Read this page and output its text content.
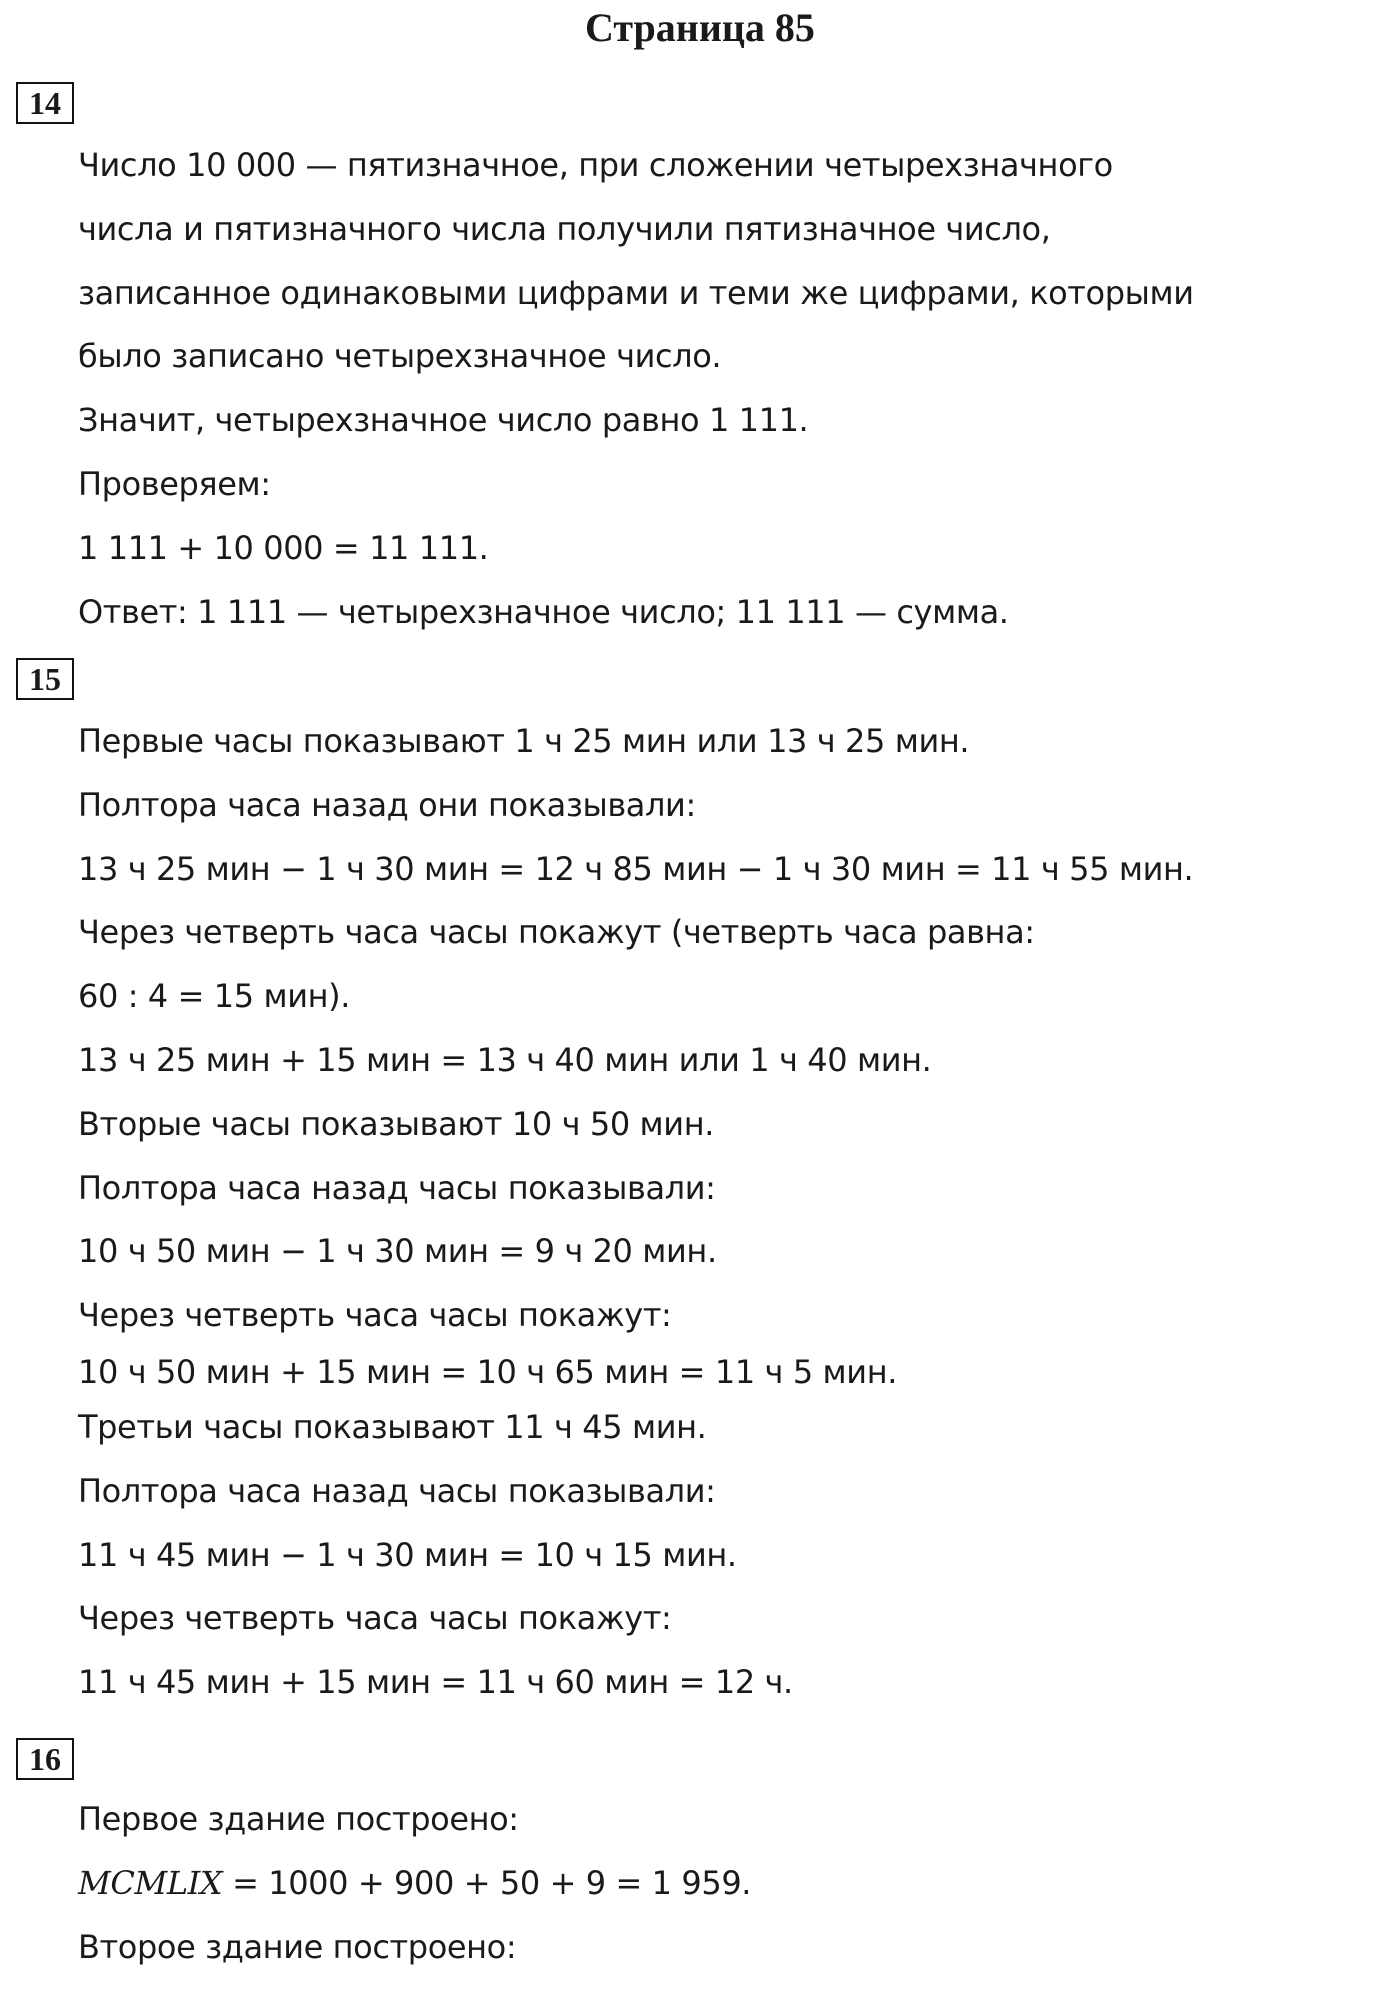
Страница 85
14
Число 10 000 — пятизначное, при сложении четырехзначного
числа и пятизначного числа получили пятизначное число,
записанное одинаковыми цифрами и теми же цифрами, которыми
было записано четырехзначное число.
Значит, четырехзначное число равно 1 111.
Проверяем:
1 111 + 10 000 = 11 111.
Ответ: 1 111 — четырехзначное число; 11 111 — сумма.
15
Первые часы показывают 1 ч 25 мин или 13 ч 25 мин.
Полтора часа назад они показывали:
13 ч 25 мин − 1 ч 30 мин = 12 ч 85 мин − 1 ч 30 мин = 11 ч 55 мин.
Через четверть часа часы покажут (четверть часа равна:
60 : 4 = 15 мин).
13 ч 25 мин + 15 мин = 13 ч 40 мин или 1 ч 40 мин.
Вторые часы показывают 10 ч 50 мин.
Полтора часа назад часы показывали:
10 ч 50 мин − 1 ч 30 мин = 9 ч 20 мин.
Через четверть часа часы покажут:
10 ч 50 мин + 15 мин = 10 ч 65 мин = 11 ч 5 мин.
Третьи часы показывают 11 ч 45 мин.
Полтора часа назад часы показывали:
11 ч 45 мин − 1 ч 30 мин = 10 ч 15 мин.
Через четверть часа часы покажут:
11 ч 45 мин + 15 мин = 11 ч 60 мин = 12 ч.
16
Первое здание построено:
MCMLIX = 1000 + 900 + 50 + 9 = 1 959.
Второе здание построено:
